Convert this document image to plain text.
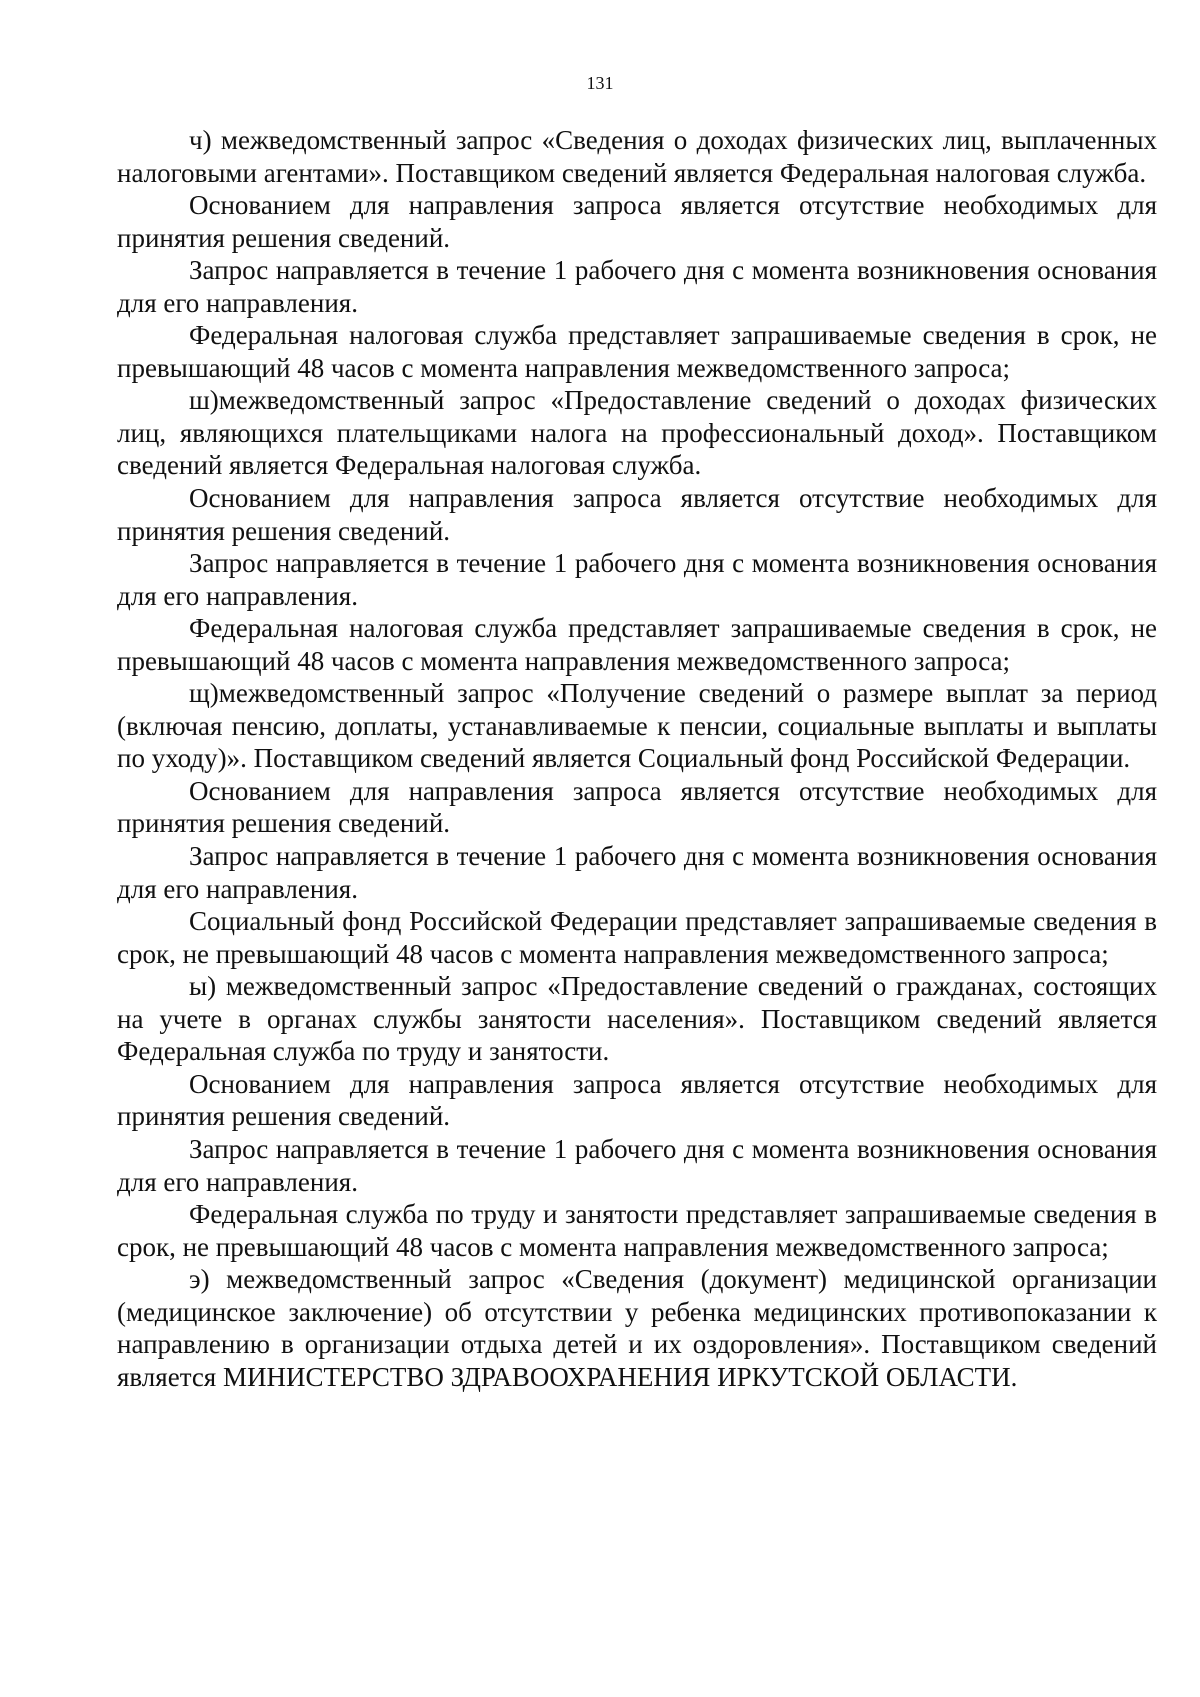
131

ч) межведомственный запрос «Сведения о доходах физических лиц, выплаченных налоговыми агентами». Поставщиком сведений является Федеральная налоговая служба.

Основанием для направления запроса является отсутствие необходимых для принятия решения сведений.

Запрос направляется в течение 1 рабочего дня с момента возникновения основания для его направления.

Федеральная налоговая служба представляет запрашиваемые сведения в срок, не превышающий 48 часов с момента направления межведомственного запроса;

ш)межведомственный запрос «Предоставление сведений о доходах физических лиц, являющихся плательщиками налога на профессиональный доход». Поставщиком сведений является Федеральная налоговая служба.

Основанием для направления запроса является отсутствие необходимых для принятия решения сведений.

Запрос направляется в течение 1 рабочего дня с момента возникновения основания для его направления.

Федеральная налоговая служба представляет запрашиваемые сведения в срок, не превышающий 48 часов с момента направления межведомственного запроса;

щ)межведомственный запрос «Получение сведений о размере выплат за период (включая пенсию, доплаты, устанавливаемые к пенсии, социальные выплаты и выплаты по уходу)». Поставщиком сведений является Социальный фонд Российской Федерации.

Основанием для направления запроса является отсутствие необходимых для принятия решения сведений.

Запрос направляется в течение 1 рабочего дня с момента возникновения основания для его направления.

Социальный фонд Российской Федерации представляет запрашиваемые сведения в срок, не превышающий 48 часов с момента направления межведомственного запроса;

ы) межведомственный запрос «Предоставление сведений о гражданах, состоящих на учете в органах службы занятости населения». Поставщиком сведений является Федеральная служба по труду и занятости.

Основанием для направления запроса является отсутствие необходимых для принятия решения сведений.

Запрос направляется в течение 1 рабочего дня с момента возникновения основания для его направления.

Федеральная служба по труду и занятости представляет запрашиваемые сведения в срок, не превышающий 48 часов с момента направления межведомственного запроса;

э) межведомственный запрос «Сведения (документ) медицинской организации (медицинское заключение) об отсутствии у ребенка медицинских противопоказании к направлению в организации отдыха детей и их оздоровления». Поставщиком сведений является МИНИСТЕРСТВО ЗДРАВООХРАНЕНИЯ ИРКУТСКОЙ ОБЛАСТИ.
